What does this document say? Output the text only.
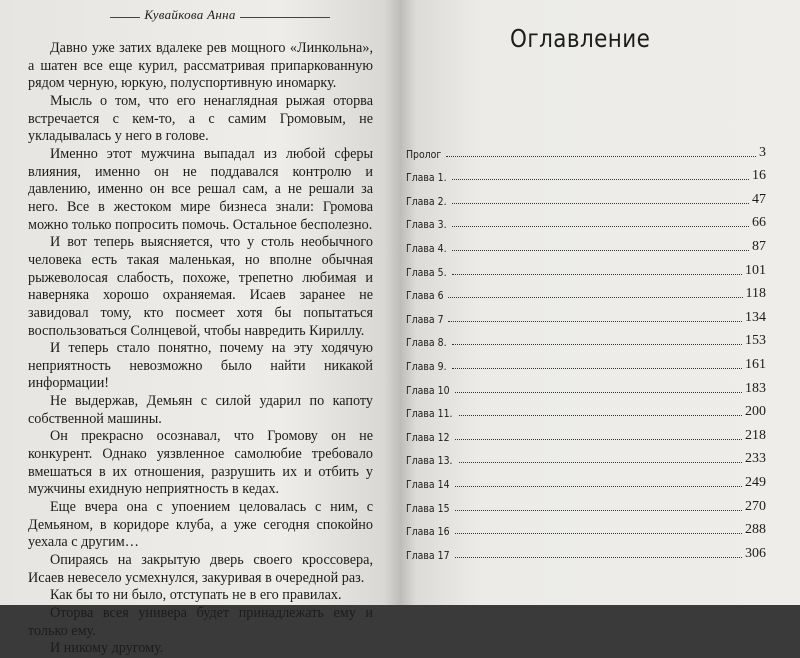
Кувайкова Анна

Давно уже затих вдалеке рев мощного «Линкольна», а шатен все еще курил, рассматривая припаркованную рядом черную, юркую, полуспортивную иномарку.

Мысль о том, что его ненаглядная рыжая оторва встречается с кем-то, а с самим Громовым, не укладывалась у него в голове.

Именно этот мужчина выпадал из любой сферы влияния, именно он не поддавался контролю и давлению, именно он все решал сам, а не решали за него. Все в жестоком мире бизнеса знали: Громова можно только попросить помочь. Остальное бесполезно.

И вот теперь выясняется, что у столь необычного человека есть такая маленькая, но вполне обычная рыжеволосая слабость, похоже, трепетно любимая и наверняка хорошо охраняемая. Исаев заранее не завидовал тому, кто посмеет хотя бы попытаться воспользоваться Солнцевой, чтобы навредить Кириллу.

И теперь стало понятно, почему на эту ходячую неприятность невозможно было найти никакой информации!

Не выдержав, Демьян с силой ударил по капоту собственной машины.

Он прекрасно осознавал, что Громову он не конкурент. Однако уязвленное самолюбие требовало вмешаться в их отношения, разрушить их и отбить у мужчины ехидную неприятность в кедах.

Еще вчера она с упоением целовалась с ним, с Демьяном, в коридоре клуба, а уже сегодня спокойно уехала с другим…

Опираясь на закрытую дверь своего кроссовера, Исаев невесело усмехнулся, закуривая в очередной раз.

Как бы то ни было, отступать не в его правилах.

Оторва всея универа будет принадлежать ему и только ему.

И никому другому.

Оглавление
Пролог	3
Глава 1.	16
Глава 2.	47
Глава 3.	66
Глава 4.	87
Глава 5.	101
Глава 6	118
Глава 7	134
Глава 8.	153
Глава 9.	161
Глава 10	183
Глава 11.	200
Глава 12	218
Глава 13.	233
Глава 14	249
Глава 15	270
Глава 16	288
Глава 17	306
